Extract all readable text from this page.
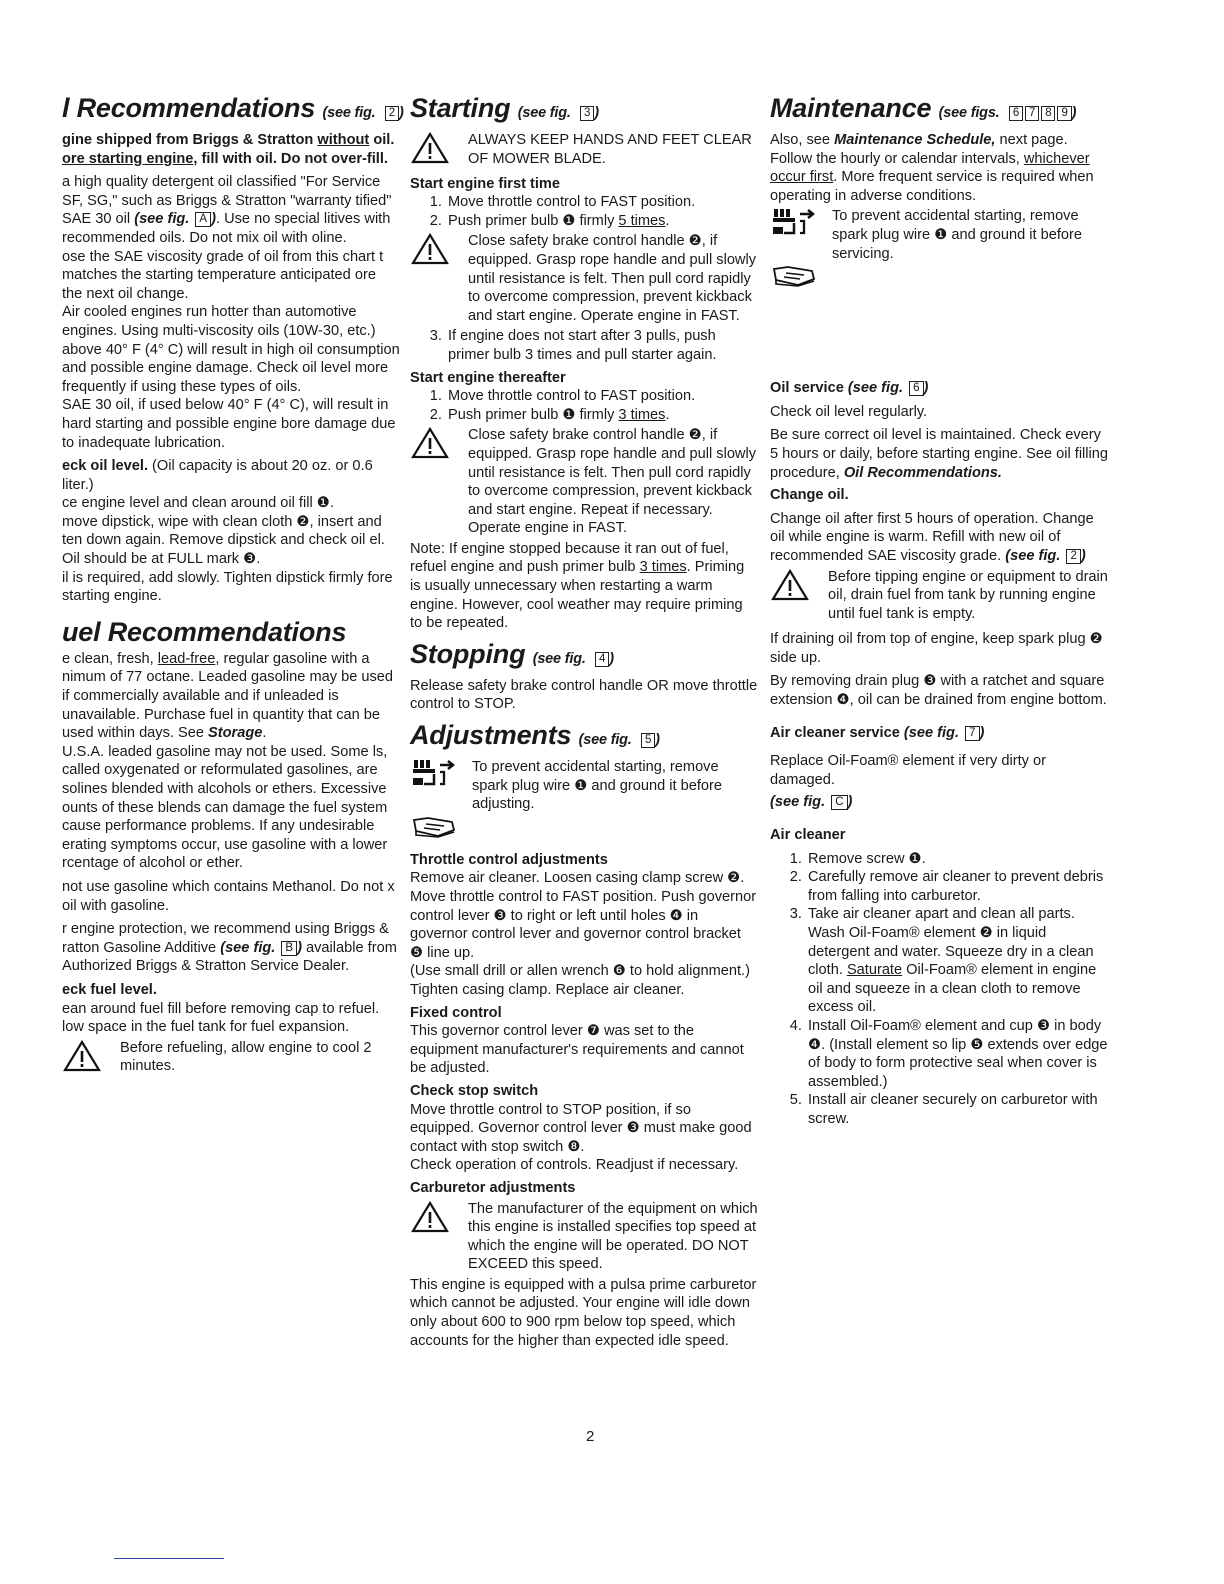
l Recommendations (see fig. 2 )

gine shipped from Briggs & Stratton without oil. ore starting engine, fill with oil. Do not over-fill.

a high quality detergent oil classified "For Service SF, SG," such as Briggs & Stratton "warranty tified" SAE 30 oil (see fig. A ). Use no special litives with recommended oils. Do not mix oil with oline.

ose the SAE viscosity grade of oil from this chart t matches the starting temperature anticipated ore the next oil change.

Air cooled engines run hotter than automotive engines. Using multi-viscosity oils (10W-30, etc.) above 40° F (4° C) will result in high oil consumption and possible engine damage. Check oil level more frequently if using these types of oils.

SAE 30 oil, if used below 40° F (4° C), will result in hard starting and possible engine bore damage due to inadequate lubrication.

eck oil level. (Oil capacity is about 20 oz. or 0.6 liter.)

ce engine level and clean around oil fill ❶.

move dipstick, wipe with clean cloth ❷, insert and ten down again. Remove dipstick and check oil el. Oil should be at FULL mark ❸.

il is required, add slowly. Tighten dipstick firmly fore starting engine.

uel Recommendations

e clean, fresh, lead-free, regular gasoline with a nimum of 77 octane. Leaded gasoline may be used if commercially available and if unleaded is unavailable. Purchase fuel in quantity that can be used within days. See Storage.

U.S.A. leaded gasoline may not be used. Some ls, called oxygenated or reformulated gasolines, are solines blended with alcohols or ethers. Excessive ounts of these blends can damage the fuel system cause performance problems. If any undesirable erating symptoms occur, use gasoline with a lower rcentage of alcohol or ether.

not use gasoline which contains Methanol. Do not x oil with gasoline.

r engine protection, we recommend using Briggs & ratton Gasoline Additive (see fig. B ) available from Authorized Briggs & Stratton Service Dealer.

eck fuel level.

ean around fuel fill before removing cap to refuel. low space in the fuel tank for fuel expansion.

Before refueling, allow engine to cool 2 minutes.
Starting (see fig. 3 )
ALWAYS KEEP HANDS AND FEET CLEAR OF MOWER BLADE.

Start engine first time

1. Move throttle control to FAST position.
2. Push primer bulb ❶ firmly 5 times.
Close safety brake control handle ❷, if equipped. Grasp rope handle and pull slowly until resistance is felt. Then pull cord rapidly to overcome compression, prevent kickback and start engine. Operate engine in FAST.
3. If engine does not start after 3 pulls, push primer bulb 3 times and pull starter again.

Start engine thereafter

1. Move throttle control to FAST position.
2. Push primer bulb ❶ firmly 3 times.
Close safety brake control handle ❷, if equipped. Grasp rope handle and pull slowly until resistance is felt. Then pull cord rapidly to overcome compression, prevent kickback and start engine. Repeat if necessary. Operate engine in FAST.

Note: If engine stopped because it ran out of fuel, refuel engine and push primer bulb 3 times. Priming is usually unnecessary when restarting a warm engine. However, cool weather may require priming to be repeated.

Stopping (see fig. 4 )

Release safety brake control handle OR move throttle control to STOP.

Adjustments (see fig. 5 )
To prevent accidental starting, remove spark plug wire ❶ and ground it before adjusting.

Throttle control adjustments

Remove air cleaner. Loosen casing clamp screw ❷. Move throttle control to FAST position. Push governor control lever ❸ to right or left until holes ❹ in governor control lever and governor control bracket ❺ line up.

(Use small drill or allen wrench ❻ to hold alignment.)

Tighten casing clamp. Replace air cleaner.

Fixed control

This governor control lever ❼ was set to the equipment manufacturer's requirements and cannot be adjusted.

Check stop switch

Move throttle control to STOP position, if so equipped. Governor control lever ❸ must make good contact with stop switch ❽.

Check operation of controls. Readjust if necessary.

Carburetor adjustments

The manufacturer of the equipment on which this engine is installed specifies top speed at which the engine will be operated. DO NOT EXCEED this speed.

This engine is equipped with a pulsa prime carburetor which cannot be adjusted. Your engine will idle down only about 600 to 900 rpm below top speed, which accounts for the higher than expected idle speed.

Maintenance (see figs. 6 7 8 9 )

Also, see Maintenance Schedule, next page. Follow the hourly or calendar intervals, whichever occur first. More frequent service is required when operating in adverse conditions.

To prevent accidental starting, remove spark plug wire ❶ and ground it before servicing.

Oil service (see fig. 6 )

Check oil level regularly.

Be sure correct oil level is maintained. Check every 5 hours or daily, before starting engine. See oil filling procedure, Oil Recommendations.

Change oil.

Change oil after first 5 hours of operation. Change oil while engine is warm. Refill with new oil of recommended SAE viscosity grade. (see fig. 2 )

Before tipping engine or equipment to drain oil, drain fuel from tank by running engine until fuel tank is empty.

If draining oil from top of engine, keep spark plug ❷ side up.

By removing drain plug ❸ with a ratchet and square extension ❹, oil can be drained from engine bottom.

Air cleaner service (see fig. 7 )

Replace Oil-Foam® element if very dirty or damaged.

(see fig. C )

Air cleaner

1. Remove screw ❶.
2. Carefully remove air cleaner to prevent debris from falling into carburetor.
3. Take air cleaner apart and clean all parts. Wash Oil-Foam® element ❷ in liquid detergent and water. Squeeze dry in a clean cloth. Saturate Oil-Foam® element in engine oil and squeeze in a clean cloth to remove excess oil.
4. Install Oil-Foam® element and cup ❸ in body ❹. (Install element so lip ❺ extends over edge of body to form protective seal when cover is assembled.)
5. Install air cleaner securely on carburetor with screw.
2
